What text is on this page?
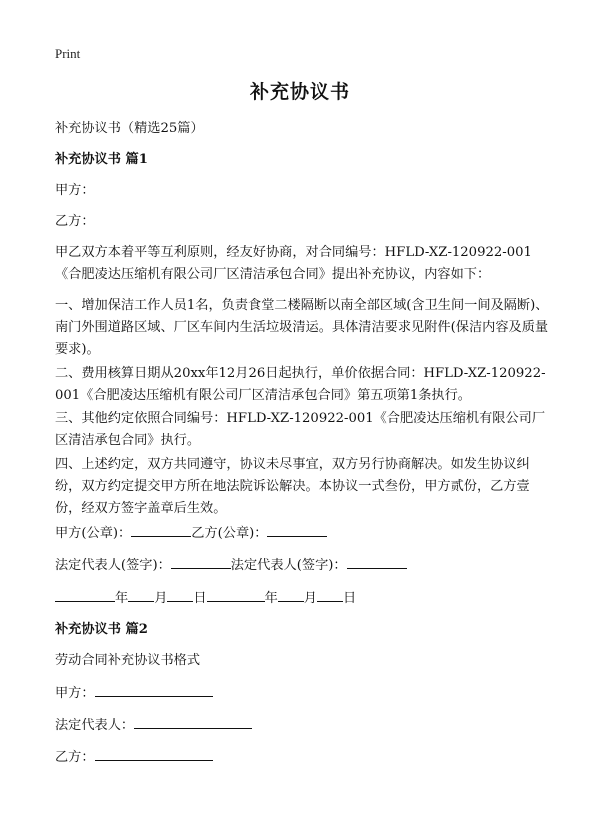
Print
补充协议书
补充协议书（精选25篇）
补充协议书 篇1
甲方：
乙方：
甲乙双方本着平等互利原则，经友好协商，对合同编号：HFLD-XZ-120922-001《合肥凌达压缩机有限公司厂区清洁承包合同》提出补充协议，内容如下：
一、增加保洁工作人员1名，负责食堂二楼隔断以南全部区域(含卫生间一间及隔断)、南门外围道路区域、厂区车间内生活垃圾清运。具体清洁要求见附件(保洁内容及质量要求)。
二、费用核算日期从20xx年12月26日起执行，单价依据合同：HFLD-XZ-120922-001《合肥凌达压缩机有限公司厂区清洁承包合同》第五项第1条执行。
三、其他约定依照合同编号：HFLD-XZ-120922-001《合肥凌达压缩机有限公司厂区清洁承包合同》执行。
四、上述约定，双方共同遵守，协议未尽事宜，双方另行协商解决。如发生协议纠纷，双方约定提交甲方所在地法院诉讼解决。本协议一式叁份，甲方贰份，乙方壹份，经双方签字盖章后生效。
甲方(公章)：	乙方(公章)：
法定代表人(签字)：	法定代表人(签字)：
年 月 日	年 月 日
补充协议书 篇2
劳动合同补充协议书格式
甲方：
法定代表人：
乙方：
